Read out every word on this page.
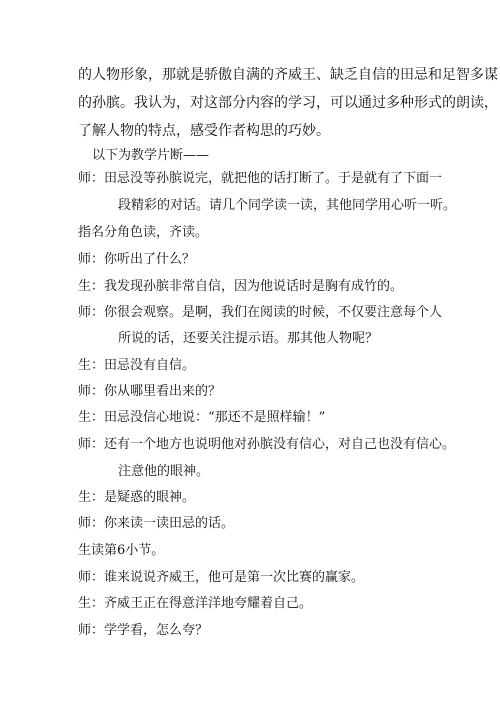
的人物形象，那就是骄傲自满的齐威王、缺乏自信的田忌和足智多谋
的孙膑。我认为，对这部分内容的学习，可以通过多种形式的朗读，
了解人物的特点，感受作者构思的巧妙。
以下为教学片断——
师：田忌没等孙膑说完，就把他的话打断了。于是就有了下面一
段精彩的对话。请几个同学读一读，其他同学用心听一听。
指名分角色读，齐读。
师：你听出了什么？
生：我发现孙膑非常自信，因为他说话时是胸有成竹的。
师：你很会观察。是啊，我们在阅读的时候，不仅要注意每个人
所说的话，还要关注提示语。那其他人物呢？
生：田忌没有自信。
师：你从哪里看出来的？
生：田忌没信心地说：“那还不是照样输！”
师：还有一个地方也说明他对孙膑没有信心，对自己也没有信心。
注意他的眼神。
生：是疑惑的眼神。
师：你来读一读田忌的话。
生读第6小节。
师：谁来说说齐威王，他可是第一次比赛的赢家。
生：齐威王正在得意洋洋地夸耀着自己。
师：学学看，怎么夸？
